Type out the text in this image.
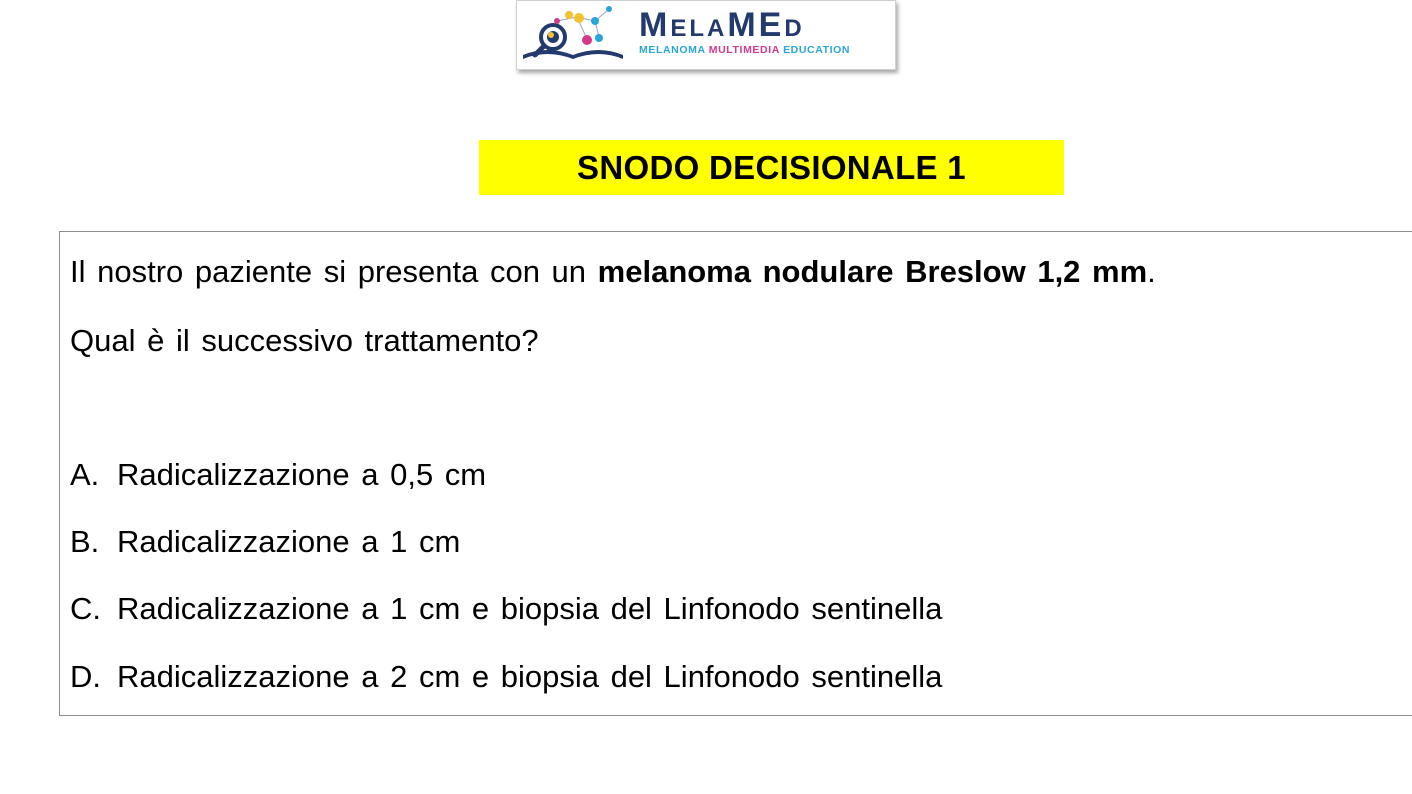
MelaMEd
MELANOMA MULTIMEDIA EDUCATION
SNODO DECISIONALE 1
Il nostro paziente si presenta con un melanoma nodulare Breslow 1,2 mm.
Qual è il successivo trattamento?
A. Radicalizzazione a 0,5 cm
B. Radicalizzazione a 1 cm
C. Radicalizzazione a 1 cm e biopsia del Linfonodo sentinella
D. Radicalizzazione a 2 cm e biopsia del Linfonodo sentinella
